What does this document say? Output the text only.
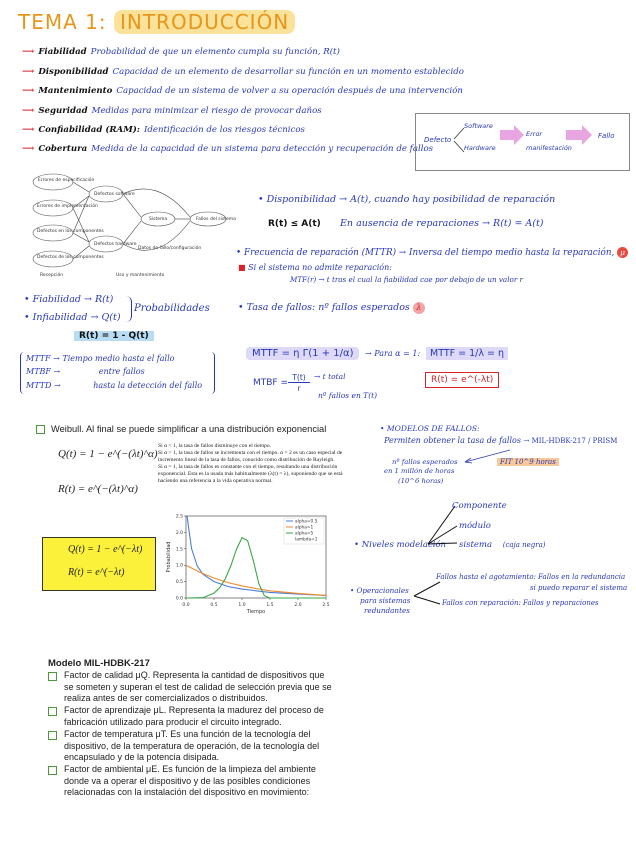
TEMA 1: INTRODUCCIÓN
⟶ Fiabilidad Probabilidad de que un elemento cumpla su función, R(t)
⟶ Disponibilidad Capacidad de un elemento de desarrollar su función en un momento establecido
⟶ Mantenimiento Capacidad de un sistema de volver a su operación después de una intervención
⟶ Seguridad Medidas para minimizar el riesgo de provocar daños
⟶ Confiabilidad (RAM): Identificación de los riesgos técnicos
⟶ Cobertura Medida de la capacidad de un sistema para detección y recuperación de fallos
Defecto
Software
Hardware
Error
manifestación
Fallo
Errores de especificación
Errores de implementación
Defectos en los componentes
Defectos de los componentes
Defectos software
Defectos hardware
Sistema	Fallos del sistema
Datos de fallo/configuración
Recepción	Uso y mantenimiento
• Disponibilidad → A(t), cuando hay posibilidad de reparación
R(t) ≤ A(t) En ausencia de reparaciones → R(t) = A(t)
• Frecuencia de reparación (MTTR) → Inversa del tiempo medio hasta la reparación, μ
■ Si el sistema no admite reparación:
MTF(r) → t tras el cual la fiabilidad cae por debajo de un valor r
• Tasa de fallos: nº fallos esperados λ
• Fiabilidad → R(t)
• Infiabilidad → Q(t)
Probabilidades
R(t) = 1 - Q(t)
MTTF → Tiempo medio hasta el fallo
MTBF →	entre fallos
MTTD →	hasta la detección del fallo
MTTF = η Γ(1 + 1/α)	→ Para α = 1:	MTTF = 1/λ = η
MTBF =
T(t)
r
→ t total
nº fallos en T(t)
R(t) = e^(-λt)
Weibull. Al final se puede simplificar a una distribución exponencial
Q(t) = 1 − e^(−(λt)^α)
R(t) = e^(−(λt)^α)
Si α < 1, la tasa de fallos disminuye con el tiempo.
Si α > 1, la tasa de fallos se incrementa con el tiempo. α = 2 es un caso especial de incremento lineal de la tasa de fallos, conocido como distribución de Rayleigh.
Si α = 1, la tasa de fallos es constante con el tiempo, resultando una distribución exponencial. Esta es la usada más habitualmente (λ(t) = λ), suponiendo que se está haciendo una referencia a la vida operativa normal.
Q(t) = 1 − e^(−λt)
R(t) = e^(−λt)
0.0	0.5	1.0	1.5	2.0	2.5
0.0
0.5
1.0
1.5
2.0
2.5
Tiempo
Probabilidad
alpha=0.5
alpha=1
alpha=5
lambda=1
• MODELOS DE FALLOS:
Permiten obtener la tasa de fallos → MIL-HDBK-217 / PRISM
nº fallos esperados
en 1 millón de horas
(10^6 horas)
FIT 10^9 horas
• Niveles modelación
Componente
módulo
sistema (caja negra)
• Operacionales
para sistemas
redundantes
Fallos hasta el agotamiento: Fallos en la redundancia
si puedo reparar el sistema
Fallos con reparación: Fallos y reparaciones
Modelo MIL-HDBK-217
Factor de calidad μQ. Representa la cantidad de dispositivos que se someten y superan el test de calidad de selección previa que se realiza antes de ser comercializados o distribuidos.
Factor de aprendizaje μL. Representa la madurez del proceso de fabricación utilizado para producir el circuito integrado.
Factor de temperatura μT. Es una función de la tecnología del dispositivo, de la temperatura de operación, de la tecnología del encapsulado y de la potencia disipada.
Factor de ambiental μE. Es función de la limpieza del ambiente donde va a operar el dispositivo y de las posibles condiciones relacionadas con la instalación del dispositivo en movimiento:
